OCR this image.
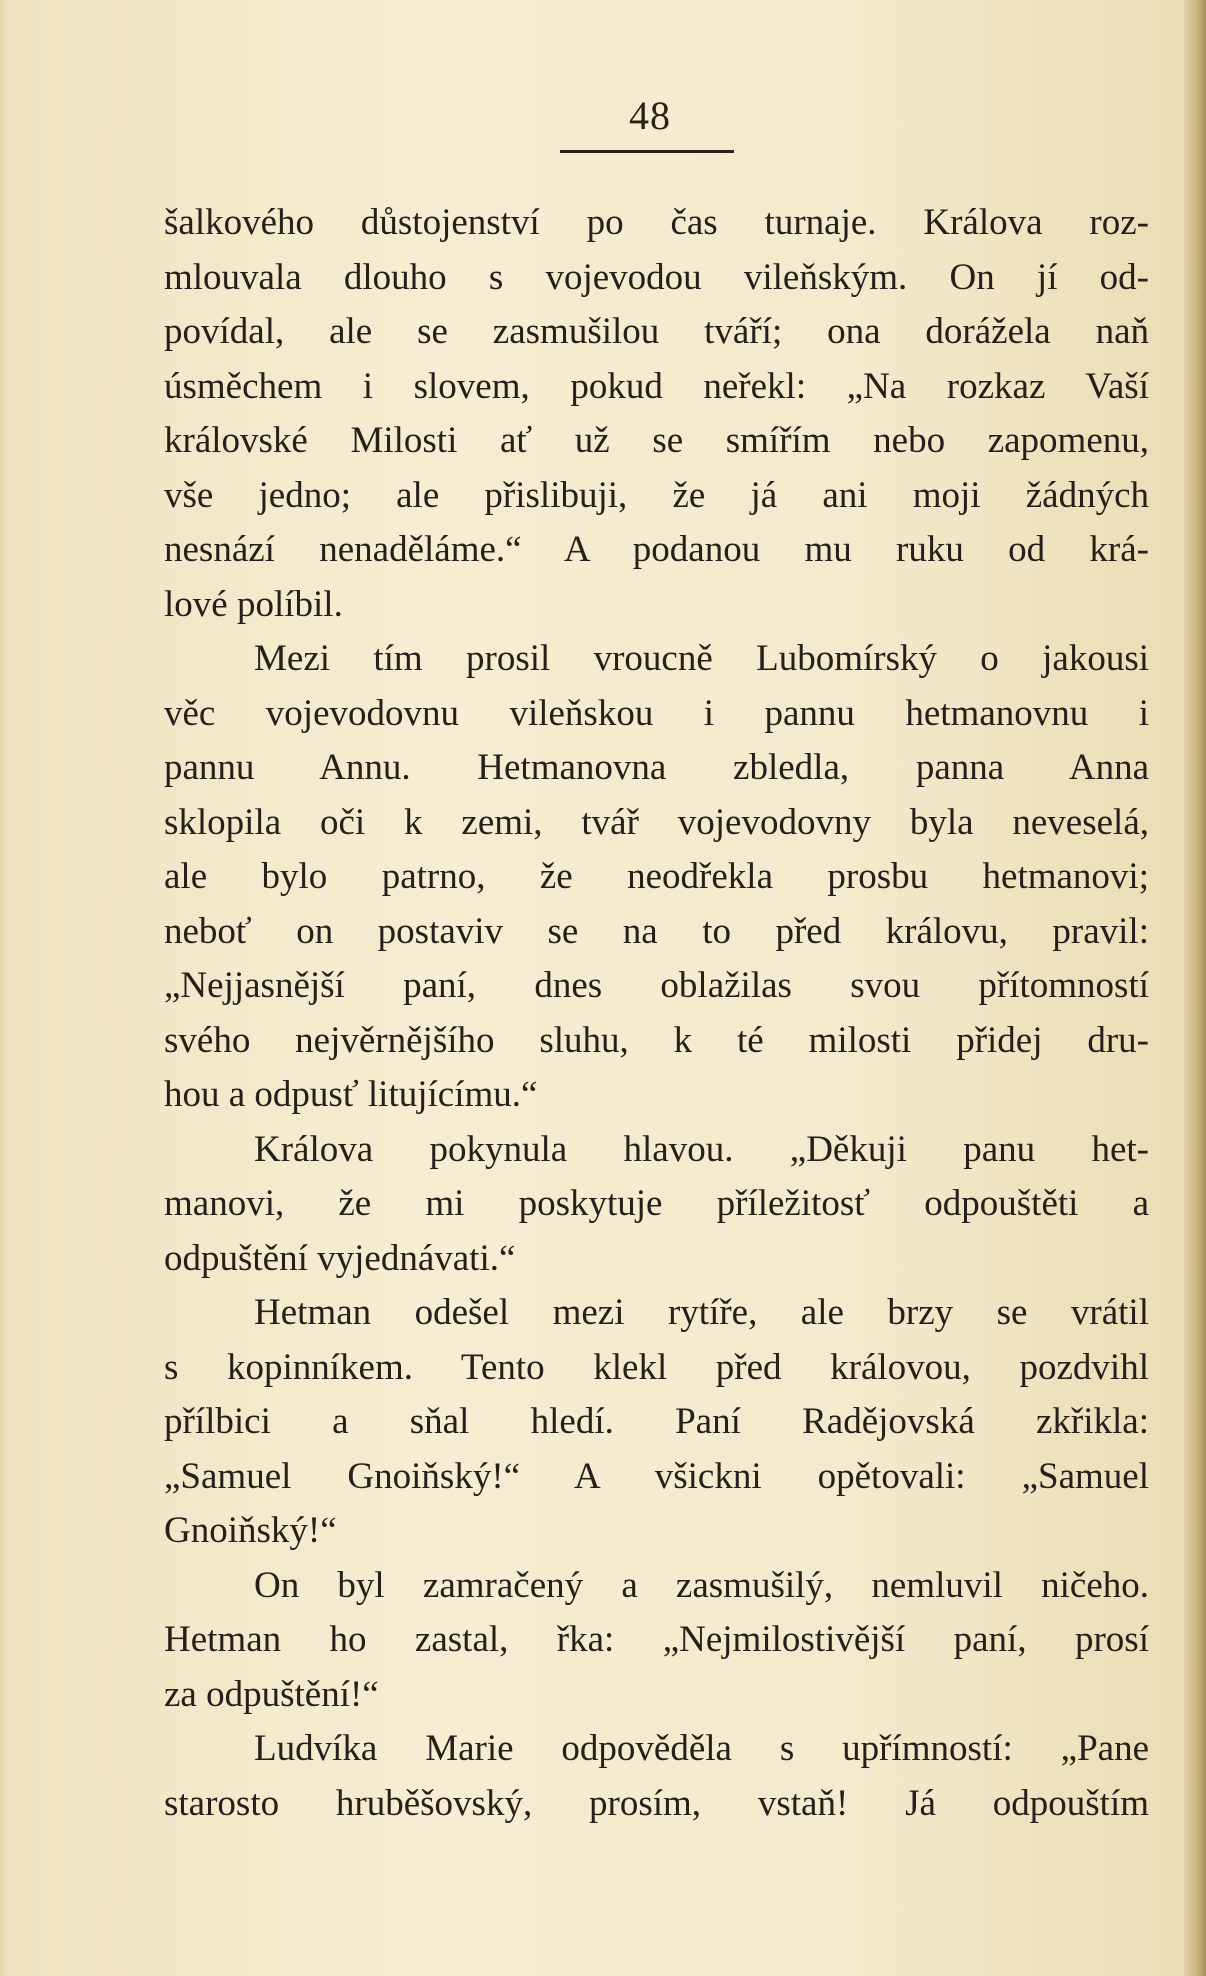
48
šalkového důstojenství po čas turnaje. Králova roz-
mlouvala dlouho s vojevodou vileňským. On jí od-
povídal, ale se zasmušilou tváří; ona dorážela naň
úsměchem i slovem, pokud neřekl: „Na rozkaz Vaší
královské Milosti ať už se smířím nebo zapomenu,
vše jedno; ale přislibuji, že já ani moji žádných
nesnází nenaděláme.“ A podanou mu ruku od krá-
lové políbil.
Mezi tím prosil vroucně Lubomírský o jakousi
věc vojevodovnu vileňskou i pannu hetmanovnu i
pannu Annu. Hetmanovna zbledla, panna Anna
sklopila oči k zemi, tvář vojevodovny byla neveselá,
ale bylo patrno, že neodřekla prosbu hetmanovi;
neboť on postaviv se na to před královu, pravil:
„Nejjasnější paní, dnes oblažilas svou přítomností
svého nejvěrnějšího sluhu, k té milosti přidej dru-
hou a odpusť litujícímu.“
Králova pokynula hlavou. „Děkuji panu het-
manovi, že mi poskytuje příležitosť odpouštěti a
odpuštění vyjednávati.“
Hetman odešel mezi rytíře, ale brzy se vrátil
s kopinníkem. Tento klekl před královou, pozdvihl
přílbici a sňal hledí. Paní Radějovská zkřikla:
„Samuel Gnoiňský!“ A všickni opětovali: „Samuel
Gnoiňský!“
On byl zamračený a zasmušilý, nemluvil ničeho.
Hetman ho zastal, řka: „Nejmilostivější paní, prosí
za odpuštění!“
Ludvíka Marie odpověděla s upřímností: „Pane
starosto hruběšovský, prosím, vstaň! Já odpouštím
